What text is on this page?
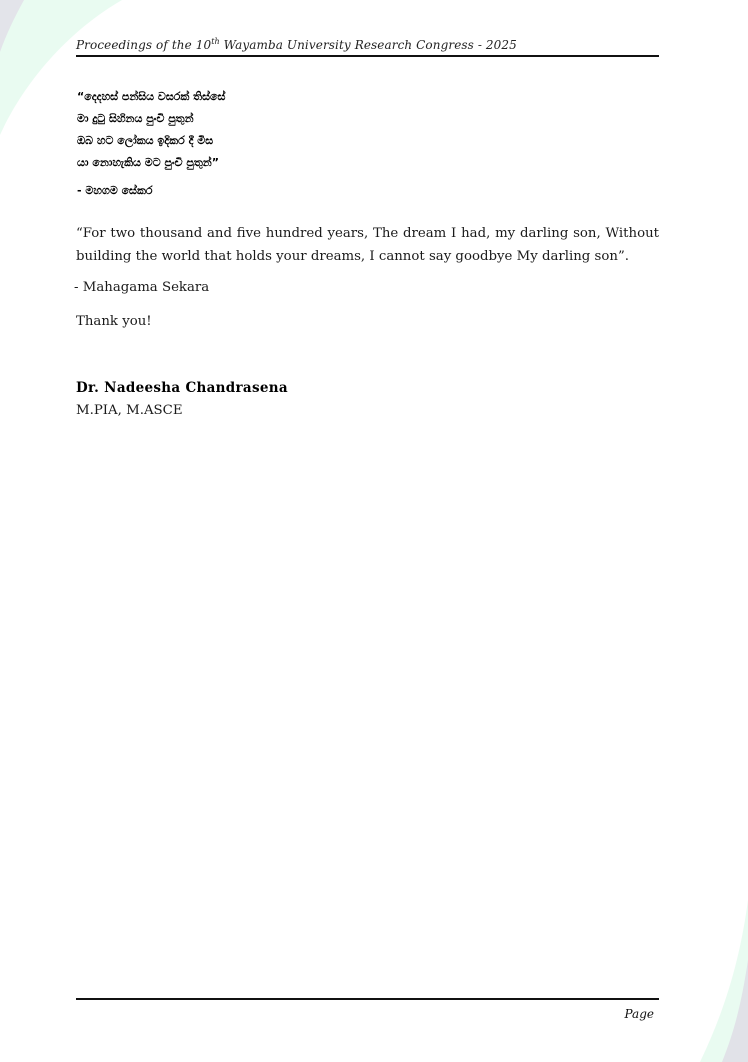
Proceedings of the 10th Wayamba University Research Congress - 2025
“දෙදහස් පන්සිය වසරක් තිස්සේ
මා දුටු සිහිනය පුංචි පුතුන්
ඔබ හට ලෝකය ඉදිකර දී මිස
යා නොහැකිය මට පුංචි පුතුන්”
- මහගම සේකර
“For two thousand and five hundred years, The dream I had, my darling son, Without building the world that holds your dreams, I cannot say goodbye My darling son”.
- Mahagama Sekara
Thank you!
Dr. Nadeesha Chandrasena
M.PIA, M.ASCE
Page
